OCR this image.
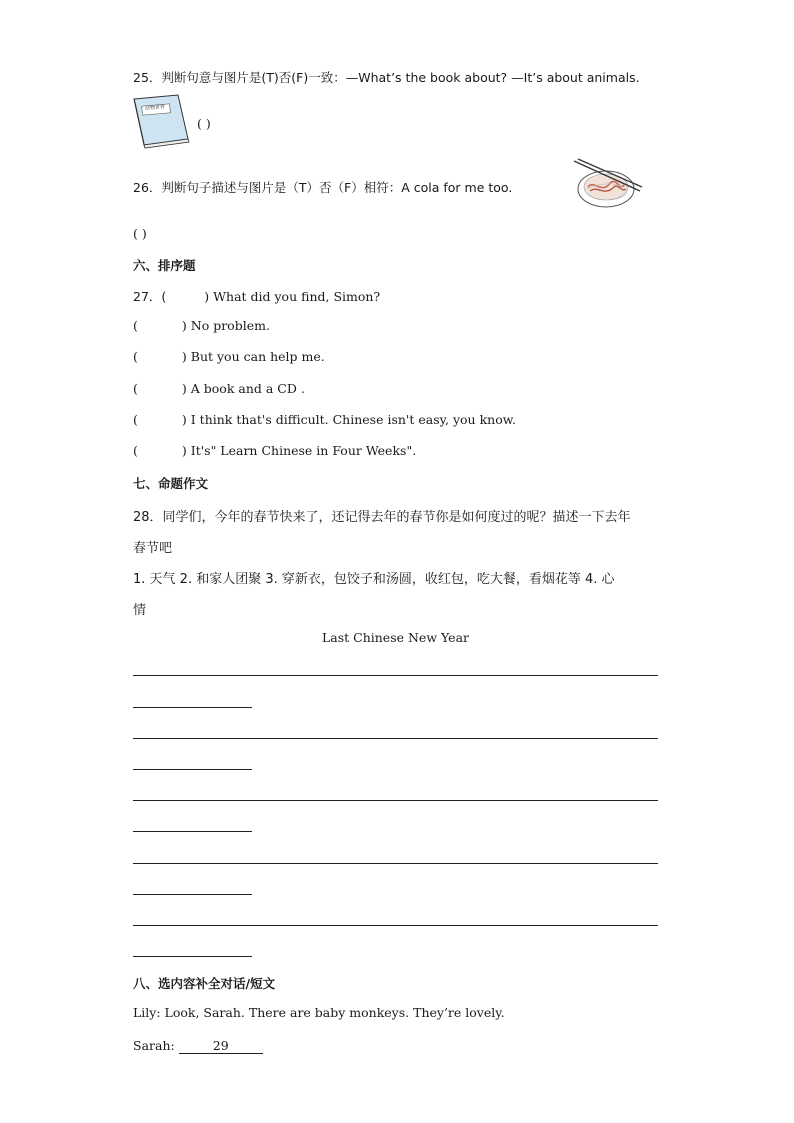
25．判断句意与图片是(T)否(F)一致：—What’s the book about? —It’s about animals.
动物世界
( )
26．判断句子描述与图片是（T）否（F）相符：A cola for me too.
( )
六、排序题
27．(	) What did you find, Simon?
(	) No problem.
(	) But you can help me.
(	) A book and a CD .
(	) I think that's difficult. Chinese isn't easy, you know.
(	) It's" Learn Chinese in Four Weeks".
七、命题作文
28．同学们，今年的春节快来了，还记得去年的春节你是如何度过的呢？描述一下去年
春节吧
1. 天气 2. 和家人团聚 3. 穿新衣，包饺子和汤圆，收红包，吃大餐，看烟花等 4. 心
情
Last Chinese New Year
八、选内容补全对话/短文
Lily: Look, Sarah. There are baby monkeys. They’re lovely.
Sarah:	29
